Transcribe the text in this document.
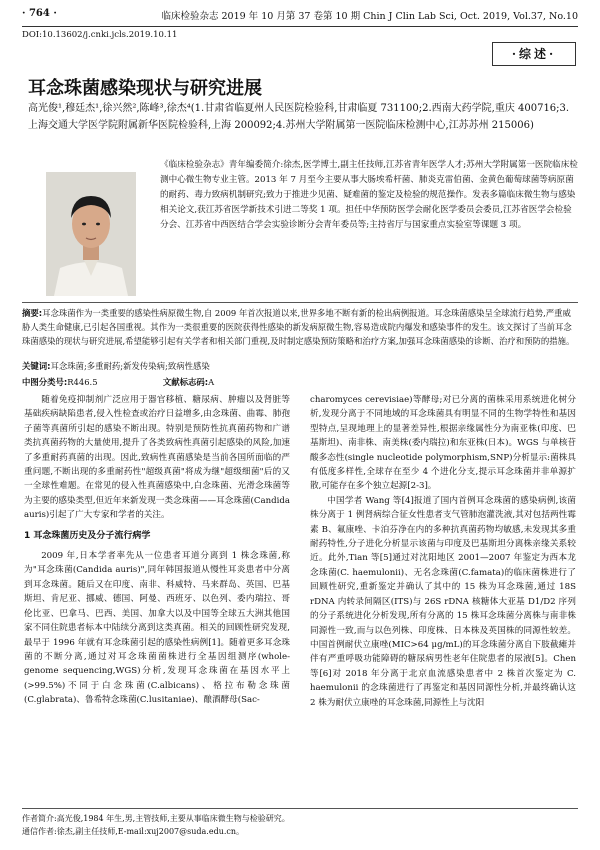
· 764 ·	临床检验杂志 2019 年 10 月第 37 卷第 10 期 Chin J Clin Lab Sci, Oct. 2019, Vol.37, No.10
DOI:10.13602/j.cnki.jcls.2019.10.11
·综述·
耳念珠菌感染现状与研究进展
高光俊¹,穆廷杰¹,徐兴然²,陈峰³,徐杰⁴(1.甘肃省临夏州人民医院检验科,甘肃临夏 731100;2.西南大药学院,重庆 400716;3.上海交通大学医学院附属新华医院检验科,上海 200092;4.苏州大学附属第一医院临床检测中心,江苏苏州 215006)
《临床检验杂志》青年编委简介:徐杰,医学博士,副主任技师,江苏省青年医学人才;苏州大学附属第一医院临床检测中心微生物专业主管。2013 年 7 月至今主要从事大肠埃希杆菌、肺炎克雷伯菌、金黄色葡萄球菌等病原菌的耐药、毒力致病机制研究;致力于推进少见菌、疑难菌的鉴定及检验的规范操作。发表多篇临床微生物与感染相关论文,获江苏省医学新技术引进二等奖 1 项。担任中华预防医学会耐化医学委员会委员,江苏省医学会检验分会、江苏省中西医结合学会实验诊断分会青年委员等;主持省厅与国家重点实验室等课题 3 项。
摘要:耳念珠菌作为一类重要的感染性病原微生物,自 2009 年首次报道以来,世界多地不断有新的检出病例报道。耳念珠菌感染呈全球流行趋势,严重威胁人类生命健康,已引起各国重视。其作为一类很重要的医院获得性感染的新发病原微生物,容易造成院内爆发和感染事件的发生。该文探讨了当前耳念珠菌感染的现状与研究进展,希望能够引起有关学者和相关部门重视,及时制定感染预防策略和治疗方案,加强耳念珠菌感染的诊断、治疗和预防的措施。
关键词:耳念珠菌;多重耐药;新发传染病;致病性感染
中图分类号:R446.5	文献标志码:A

随着免疫抑制剂广泛应用于器官移植、糖尿病、肿瘤以及肾脏等基础疾病缺陷患者,侵入性检查或治疗日益增多,由念珠菌、曲霉、肺孢子菌等真菌所引起的感染不断出现。特别是预防性抗真菌药物和广谱类抗真菌药物的大量使用,提升了各类致病性真菌引起感染的风险,加速了多重耐药真菌的出现。因此,致病性真菌感染是当前各国所面临的严重问题,不断出现的多重耐药性"超级真菌"将成为继"超级细菌"后的又一全球性难题。在常见的侵入性真菌感染中,白念珠菌、光滑念珠菌等为主要的感染类型,但近年来新发现一类念珠菌——耳念珠菌(Candida auris)引起了广大专家和学者的关注。

1 耳念珠菌历史及分子流行病学

2009 年,日本学者率先从一位患者耳道分离到 1 株念珠菌,称为"耳念珠菌(Candida auris)",同年韩国报道从慢性耳炎患者中分离到耳念珠菌。随后又在印度、南非、科威特、马来群岛、英国、巴基斯坦、肯尼亚、挪威、德国、阿曼、西班牙、以色列、委内瑞拉、哥伦比亚、巴拿马、巴西、美国、加拿大以及中国等全球五大洲其他国家不同住院患者标本中陆续分离到这类真菌。相关的回顾性研究发现,最早于 1996 年就有耳念珠菌引起的感染性病例[1]。随着更多耳念珠菌的不断分离,通过对耳念珠菌菌株进行全基因组测序(whole-genome sequencing,WGS)分析,发现耳念珠菌在基因水平上(>99.5%)不同于白念珠菌(C.albicans)、格拉布勒念珠菌(C.glabrata)、鲁希特念珠菌(C.lusitaniae)、酿酒酵母(Sac-

charomyces cerevisiae)等酵母;对已分离的菌株采用系统进化树分析,发现分离于不同地域的耳念珠菌具有明显不同的生物学特性和基因型特点,呈现地理上的显著差异性,根据亲缘属性分为南亚株(印度、巴基斯坦)、南非株、南美株(委内瑞拉)和东亚株(日本)。WGS 与单核苷酸多态性(single nucleotide polymorphism,SNP)分析显示:菌株具有低度多样性,全球存在至少 4 个进化分支,提示耳念珠菌并非单源扩散,可能存在多个独立起源[2-3]。

中国学者 Wang 等[4]报道了国内首例耳念珠菌的感染病例,该菌株分离于 1 例肾病综合征女性患者支气管肺泡灌洗液,其对包括两性霉素 B、氟康唑、卡泊芬净在内的多种抗真菌药物均敏感,未发现其多重耐药特性,分子进化分析显示该菌与印度及巴基斯坦分离株亲缘关系较近。此外,Tian 等[5]通过对沈阳地区 2001—2007 年鉴定为西本龙念珠菌(C. haemulonii)、无名念珠菌(C.famata)的临床菌株进行了回顾性研究,重新鉴定并确认了其中的 15 株为耳念珠菌,通过 18S rDNA 内转录间隔区(ITS)与 26S rDNA 核糖体大亚基 D1/D2 序列的分子系统进化分析发现,所有分离的 15 株耳念珠菌分离株与南非株同源性一致,而与以色列株、印度株、日本株及英国株的同源性较差。中国首例耐伏立康唑(MIC>64 μg/mL)的耳念珠菌分离自下肢截瘫并伴有严重呼吸功能障碍的糖尿病男性老年住院患者的尿液[5]。Chen 等[6]对 2018 年分离于北京血流感染患者中 2 株首次鉴定为 C. haemulonii 的念珠菌进行了再鉴定和基因同源性分析,并最终确认这 2 株为耐伏立康唑的耳念珠菌,同源性上与沈阳

作者简介:高光俊,1984 年生,男,主管技师,主要从事临床微生物与检验研究。
通信作者:徐杰,副主任技师,E-mail:xuj2007@suda.edu.cn。
